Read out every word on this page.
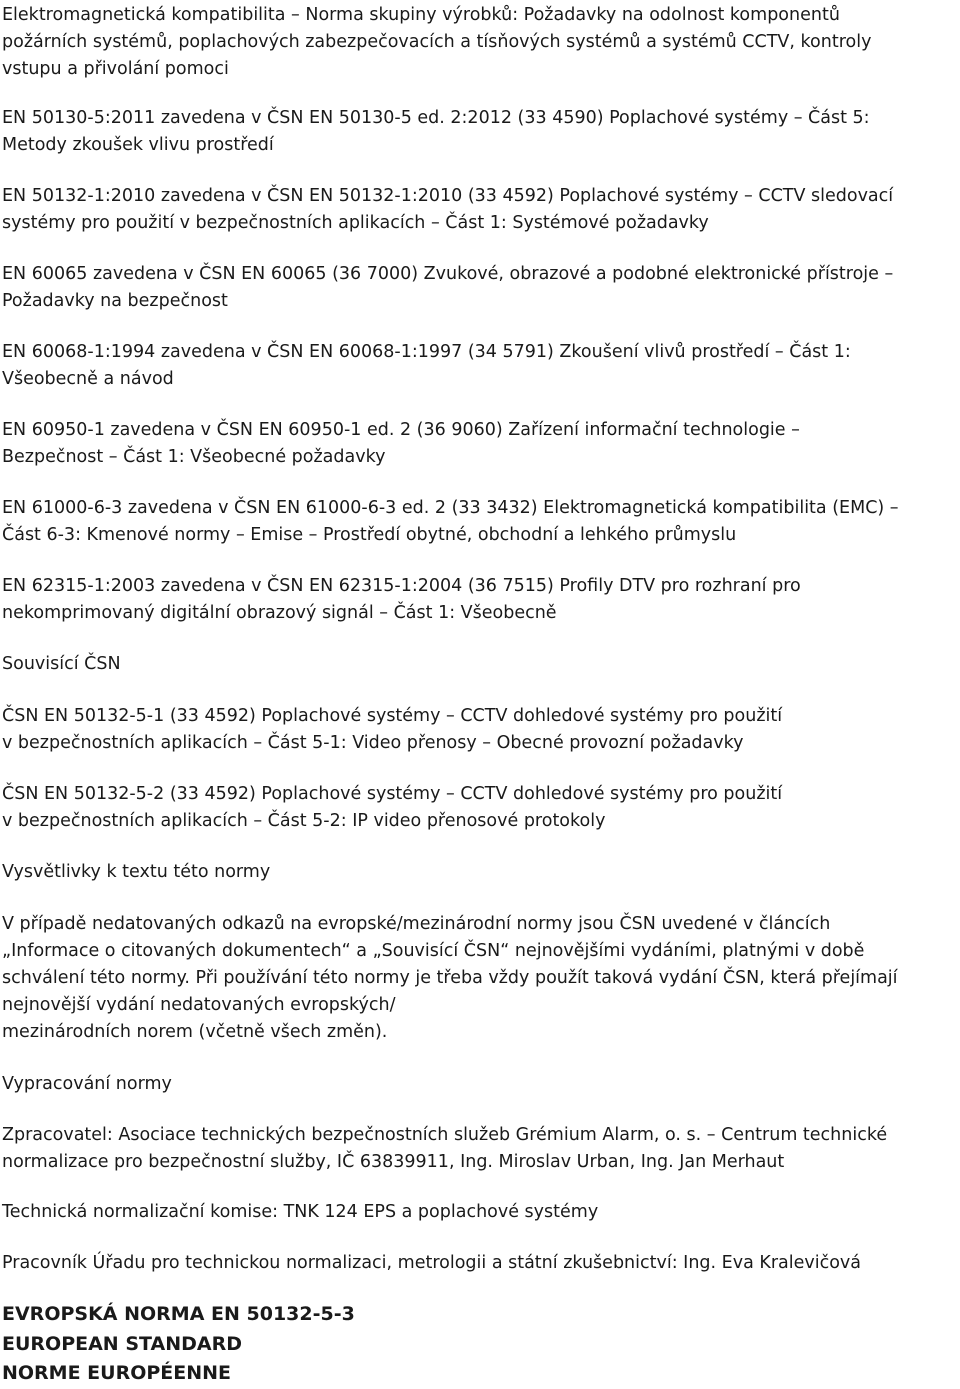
Elektromagnetická kompatibilita – Norma skupiny výrobků: Požadavky na odolnost komponentů
požárních systémů, poplachových zabezpečovacích a tísňových systémů a systémů CCTV, kontroly
vstupu a přivolání pomoci
EN 50130-5:2011 zavedena v ČSN EN 50130-5 ed. 2:2012 (33 4590) Poplachové systémy – Část 5:
Metody zkoušek vlivu prostředí
EN 50132-1:2010 zavedena v ČSN EN 50132-1:2010 (33 4592) Poplachové systémy – CCTV sledovací
systémy pro použití v bezpečnostních aplikacích – Část 1: Systémové požadavky
EN 60065 zavedena v ČSN EN 60065 (36 7000) Zvukové, obrazové a podobné elektronické přístroje –
Požadavky na bezpečnost
EN 60068-1:1994 zavedena v ČSN EN 60068-1:1997 (34 5791) Zkoušení vlivů prostředí – Část 1:
Všeobecně a návod
EN 60950-1 zavedena v ČSN EN 60950-1 ed. 2 (36 9060) Zařízení informační technologie –
Bezpečnost – Část 1: Všeobecné požadavky
EN 61000-6-3 zavedena v ČSN EN 61000-6-3 ed. 2 (33 3432) Elektromagnetická kompatibilita (EMC) –
Část 6-3: Kmenové normy – Emise – Prostředí obytné, obchodní a lehkého průmyslu
EN 62315-1:2003 zavedena v ČSN EN 62315-1:2004 (36 7515) Profily DTV pro rozhraní pro
nekomprimovaný digitální obrazový signál – Část 1: Všeobecně
Souvisící ČSN
ČSN EN 50132-5-1 (33 4592) Poplachové systémy – CCTV dohledové systémy pro použití
v bezpečnostních aplikacích – Část 5-1: Video přenosy – Obecné provozní požadavky
ČSN EN 50132-5-2 (33 4592) Poplachové systémy – CCTV dohledové systémy pro použití
v bezpečnostních aplikacích – Část 5-2: IP video přenosové protokoly
Vysvětlivky k textu této normy
V případě nedatovaných odkazů na evropské/mezinárodní normy jsou ČSN uvedené v článcích
„Informace o citovaných dokumentech“ a „Souvisící ČSN“ nejnovějšími vydáními, platnými v době
schválení této normy. Při používání této normy je třeba vždy použít taková vydání ČSN, která přejímají
nejnovější vydání nedatovaných evropských/
mezinárodních norem (včetně všech změn).
Vypracování normy
Zpracovatel: Asociace technických bezpečnostních služeb Grémium Alarm, o. s. – Centrum technické
normalizace pro bezpečnostní služby, IČ 63839911, Ing. Miroslav Urban, Ing. Jan Merhaut
Technická normalizační komise: TNK 124 EPS a poplachové systémy
Pracovník Úřadu pro technickou normalizaci, metrologii a státní zkušebnictví: Ing. Eva Kralevičová
EVROPSKÁ NORMA EN 50132-5-3
EUROPEAN STANDARD
NORME EUROPÉENNE
